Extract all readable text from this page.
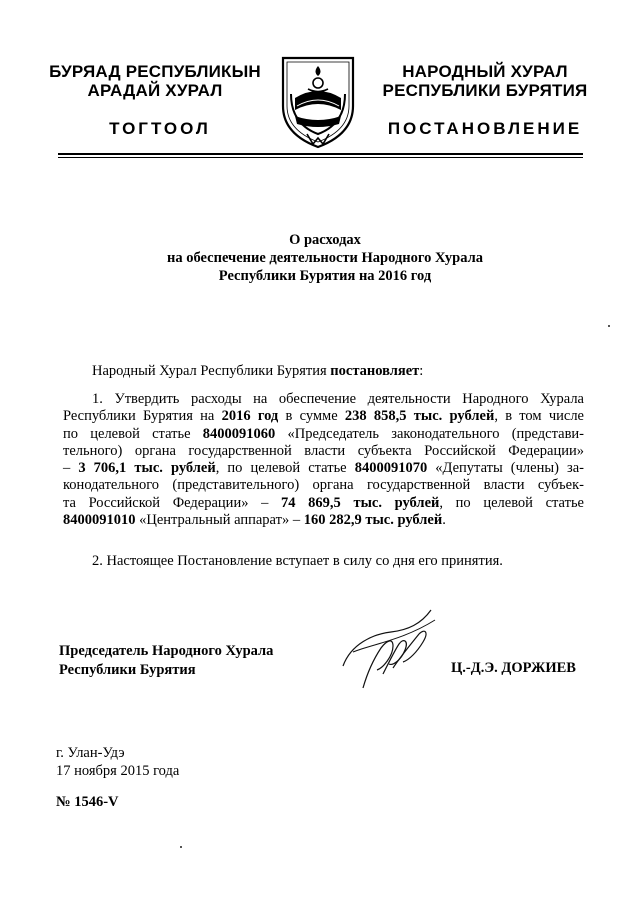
БУРЯАД РЕСПУБЛИКЫН
АРАДАЙ ХУРАЛ
ТОГТООЛ
НАРОДНЫЙ ХУРАЛ
РЕСПУБЛИКИ БУРЯТИЯ
ПОСТАНОВЛЕНИЕ
О расходах
на обеспечение деятельности Народного Хурала
Республики Бурятия на 2016 год
Народный Хурал Республики Бурятия постановляет:
1. Утвердить расходы на обеспечение деятельности Народного Хурала
Республики Бурятия на 2016 год в сумме 238 858,5 тыс. рублей, в том числе
по целевой статье 8400091060 «Председатель законодательного (представи-
тельного) органа государственной власти субъекта Российской Федерации»
– 3 706,1 тыс. рублей, по целевой статье 8400091070 «Депутаты (члены) за-
конодательного (представительного) органа государственной власти субъек-
та Российской Федерации» – 74 869,5 тыс. рублей, по целевой статье
8400091010 «Центральный аппарат» – 160 282,9 тыс. рублей.
2. Настоящее Постановление вступает в силу со дня его принятия.
Председатель Народного Хурала
Республики Бурятия	Ц.-Д.Э. ДОРЖИЕВ
г. Улан-Удэ
17 ноября 2015 года
№ 1546-V
